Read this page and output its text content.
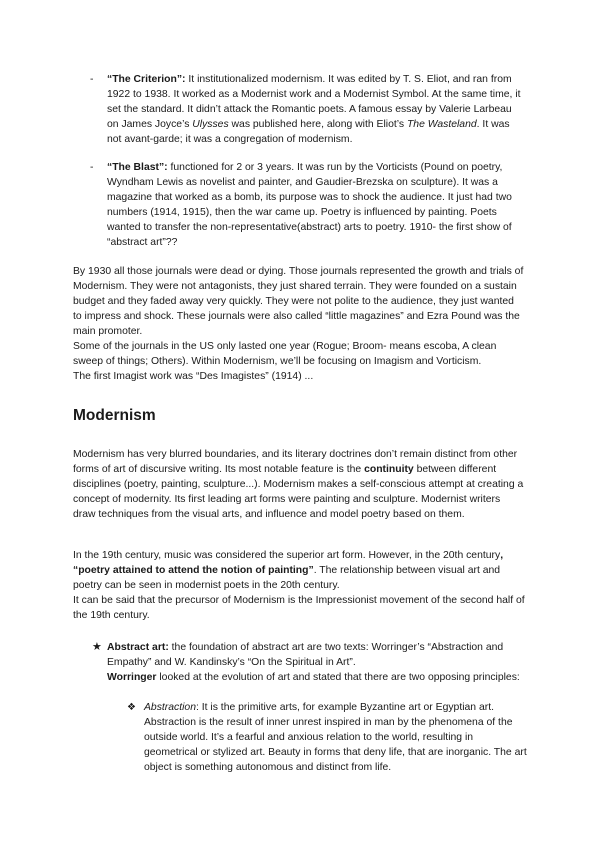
- “The Criterion”: It institutionalized modernism. It was edited by T. S. Eliot, and ran from 1922 to 1938. It worked as a Modernist work and a Modernist Symbol. At the same time, it set the standard. It didn’t attack the Romantic poets. A famous essay by Valerie Larbeau on James Joyce’s Ulysses was published here, along with Eliot’s The Wasteland. It was not avant-garde; it was a congregation of modernism.
- “The Blast”: functioned for 2 or 3 years. It was run by the Vorticists (Pound on poetry, Wyndham Lewis as novelist and painter, and Gaudier-Brezska on sculpture). It was a magazine that worked as a bomb, its purpose was to shock the audience. It just had two numbers (1914, 1915), then the war came up. Poetry is influenced by painting. Poets wanted to transfer the non-representative(abstract) arts to poetry. 1910- the first show of “abstract art”??
By 1930 all those journals were dead or dying. Those journals represented the growth and trials of Modernism. They were not antagonists, they just shared terrain. They were founded on a sustain budget and they faded away very quickly. They were not polite to the audience, they just wanted to impress and shock. These journals were also called “little magazines” and Ezra Pound was the main promoter.
Some of the journals in the US only lasted one year (Rogue; Broom- means escoba, A clean sweep of things; Others). Within Modernism, we’ll be focusing on Imagism and Vorticism.
The first Imagist work was “Des Imagistes” (1914) ...
Modernism
Modernism has very blurred boundaries, and its literary doctrines don’t remain distinct from other forms of art of discursive writing. Its most notable feature is the continuity between different disciplines (poetry, painting, sculpture...). Modernism makes a self-conscious attempt at creating a concept of modernity. Its first leading art forms were painting and sculpture. Modernist writers draw techniques from the visual arts, and influence and model poetry based on them.
In the 19th century, music was considered the superior art form. However, in the 20th century, “poetry attained to attend the notion of painting”. The relationship between visual art and poetry can be seen in modernist poets in the 20th century.
It can be said that the precursor of Modernism is the Impressionist movement of the second half of the 19th century.
★ Abstract art: the foundation of abstract art are two texts: Worringer’s “Abstraction and Empathy” and W. Kandinsky’s “On the Spiritual in Art”.
Worringer looked at the evolution of art and stated that there are two opposing principles:
❖ Abstraction: It is the primitive arts, for example Byzantine art or Egyptian art. Abstraction is the result of inner unrest inspired in man by the phenomena of the outside world. It’s a fearful and anxious relation to the world, resulting in geometrical or stylized art. Beauty in forms that deny life, that are inorganic. The art object is something autonomous and distinct from life.
